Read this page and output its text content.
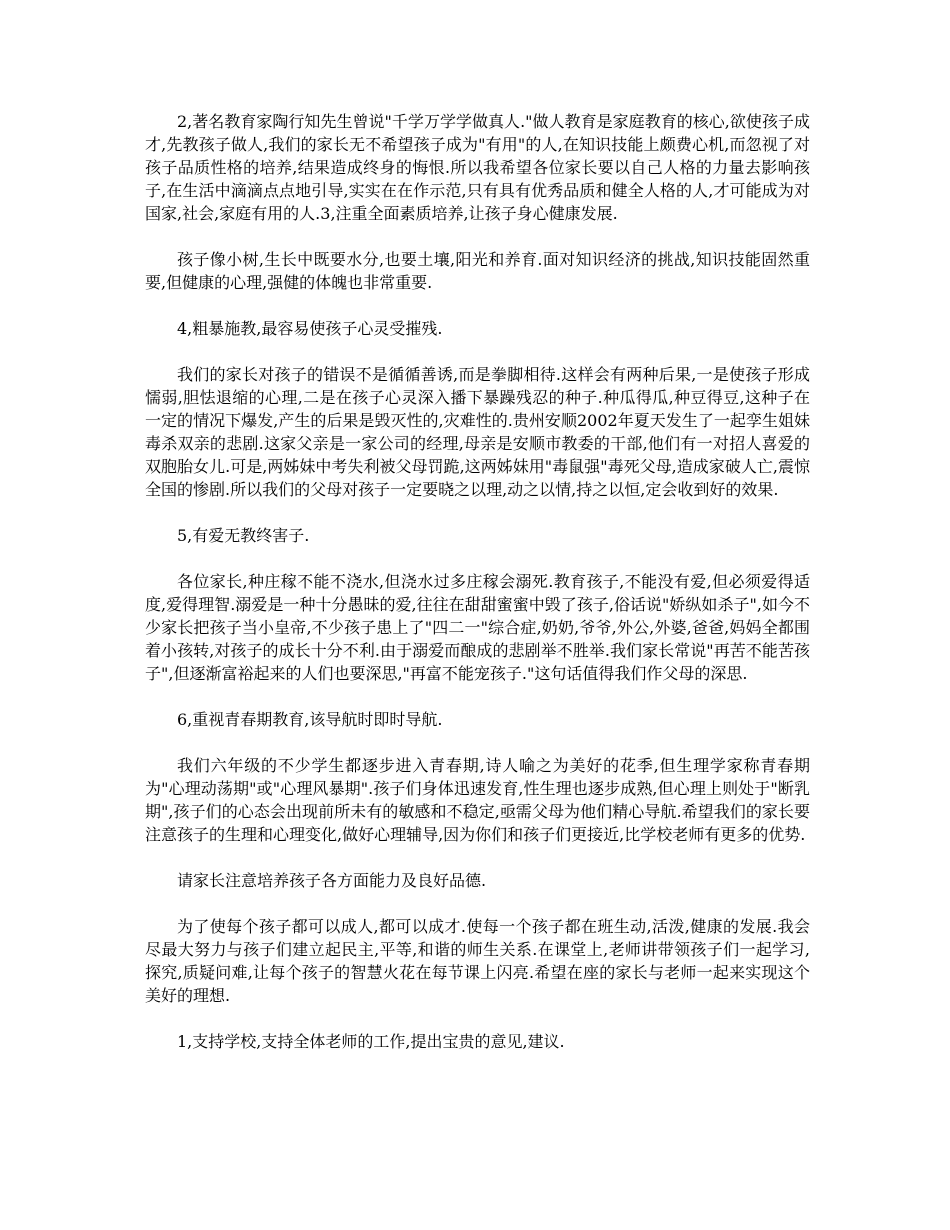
2,著名教育家陶行知先生曾说"千学万学学做真人."做人教育是家庭教育的核心,欲使孩子成才,先教孩子做人,我们的家长无不希望孩子成为"有用"的人,在知识技能上颇费心机,而忽视了对孩子品质性格的培养,结果造成终身的悔恨.所以我希望各位家长要以自己人格的力量去影响孩子,在生活中滴滴点点地引导,实实在在作示范,只有具有优秀品质和健全人格的人,才可能成为对国家,社会,家庭有用的人.3,注重全面素质培养,让孩子身心健康发展.

孩子像小树,生长中既要水分,也要土壤,阳光和养育.面对知识经济的挑战,知识技能固然重要,但健康的心理,强健的体魄也非常重要.

4,粗暴施教,最容易使孩子心灵受摧残.

我们的家长对孩子的错误不是循循善诱,而是拳脚相待.这样会有两种后果,一是使孩子形成懦弱,胆怯退缩的心理,二是在孩子心灵深入播下暴躁残忍的种子.种瓜得瓜,种豆得豆,这种子在一定的情况下爆发,产生的后果是毁灭性的,灾难性的.贵州安顺2002年夏天发生了一起孪生姐妹毒杀双亲的悲剧.这家父亲是一家公司的经理,母亲是安顺市教委的干部,他们有一对招人喜爱的双胞胎女儿.可是,两姊妹中考失利被父母罚跪,这两姊妹用"毒鼠强"毒死父母,造成家破人亡,震惊全国的惨剧.所以我们的父母对孩子一定要晓之以理,动之以情,持之以恒,定会收到好的效果.

5,有爱无教终害子.

各位家长,种庄稼不能不浇水,但浇水过多庄稼会溺死.教育孩子,不能没有爱,但必须爱得适度,爱得理智.溺爱是一种十分愚昧的爱,往往在甜甜蜜蜜中毁了孩子,俗话说"娇纵如杀子",如今不少家长把孩子当小皇帝,不少孩子患上了"四二一"综合症,奶奶,爷爷,外公,外婆,爸爸,妈妈全都围着小孩转,对孩子的成长十分不利.由于溺爱而酿成的悲剧举不胜举.我们家长常说"再苦不能苦孩子",但逐渐富裕起来的人们也要深思,"再富不能宠孩子."这句话值得我们作父母的深思.

6,重视青春期教育,该导航时即时导航.

我们六年级的不少学生都逐步进入青春期,诗人喻之为美好的花季,但生理学家称青春期为"心理动荡期"或"心理风暴期".孩子们身体迅速发育,性生理也逐步成熟,但心理上则处于"断乳期",孩子们的心态会出现前所未有的敏感和不稳定,亟需父母为他们精心导航.希望我们的家长要注意孩子的生理和心理变化,做好心理辅导,因为你们和孩子们更接近,比学校老师有更多的优势.

请家长注意培养孩子各方面能力及良好品德.

为了使每个孩子都可以成人,都可以成才.使每一个孩子都在班生动,活泼,健康的发展.我会尽最大努力与孩子们建立起民主,平等,和谐的师生关系.在课堂上,老师讲带领孩子们一起学习,探究,质疑问难,让每个孩子的智慧火花在每节课上闪亮.希望在座的家长与老师一起来实现这个美好的理想.

1,支持学校,支持全体老师的工作,提出宝贵的意见,建议.
